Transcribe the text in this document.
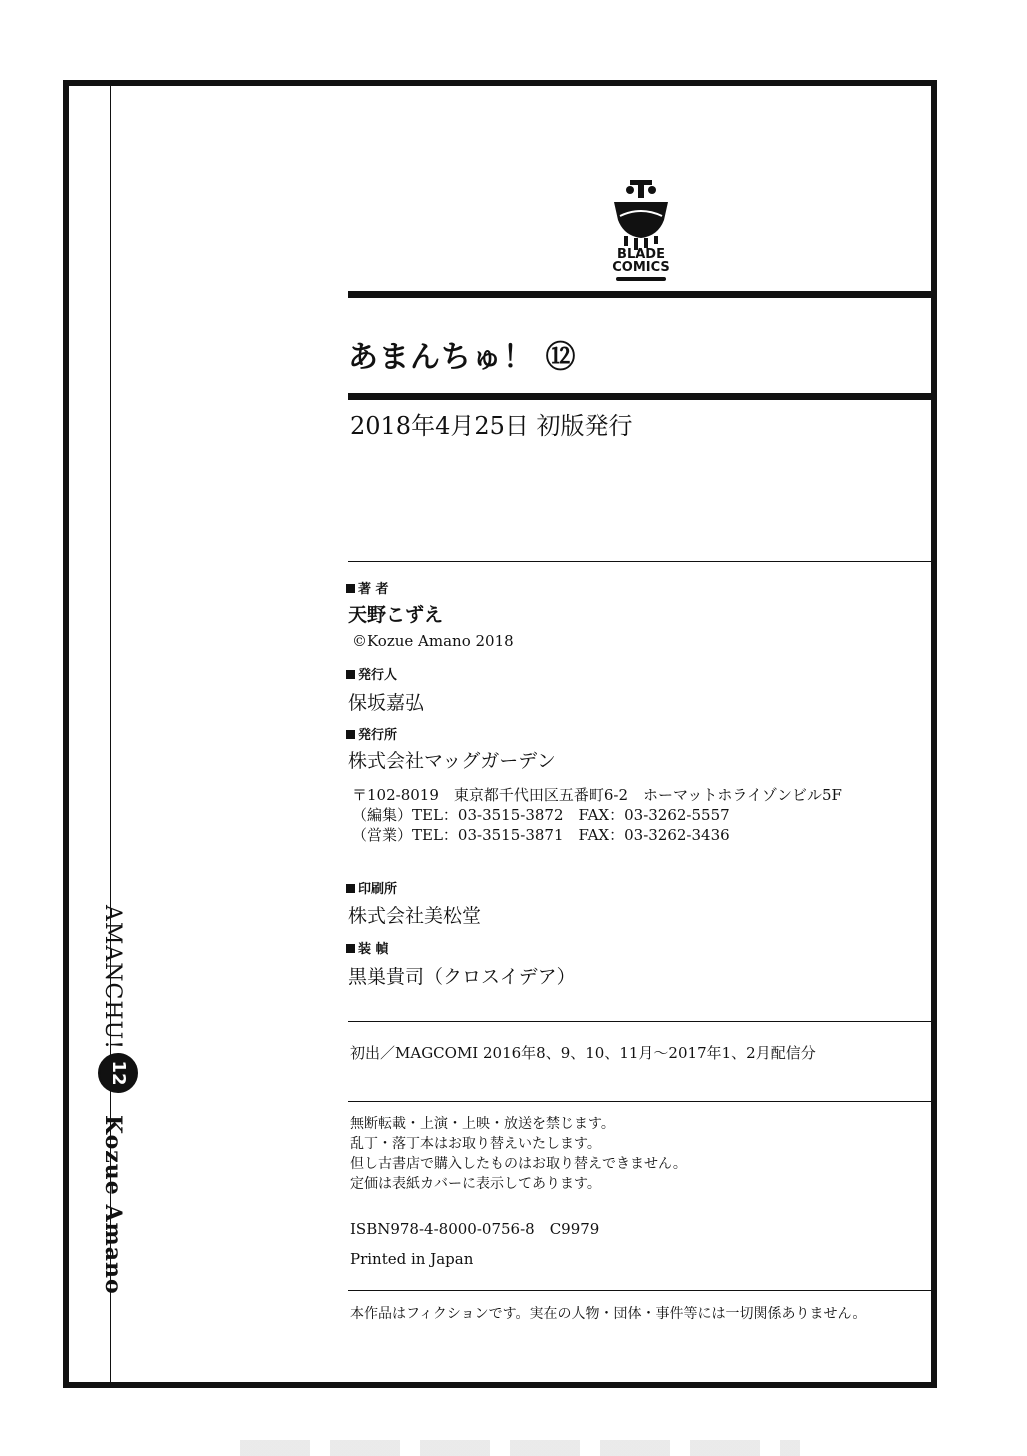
AMANCHU!
12
Kozue Amano
BLADE
COMICS
あまんちゅ！ ⑫
2018年4月25日 初版発行
著 者
天野こずえ
©Kozue Amano 2018
発行人
保坂嘉弘
発行所
株式会社マッグガーデン
〒102-8019　東京都千代田区五番町6-2　ホーマットホライゾンビル5F
（編集）TEL：03-3515-3872　FAX：03-3262-5557
（営業）TEL：03-3515-3871　FAX：03-3262-3436
印刷所
株式会社美松堂
装 幀
黒巣貴司（クロスイデア）
初出／MAGCOMI 2016年8、9、10、11月〜2017年1、2月配信分
無断転載・上演・上映・放送を禁じます。
乱丁・落丁本はお取り替えいたします。
但し古書店で購入したものはお取り替えできません。
定価は表紙カバーに表示してあります。
ISBN978-4-8000-0756-8　C9979
Printed in Japan
本作品はフィクションです。実在の人物・団体・事件等には一切関係ありません。
